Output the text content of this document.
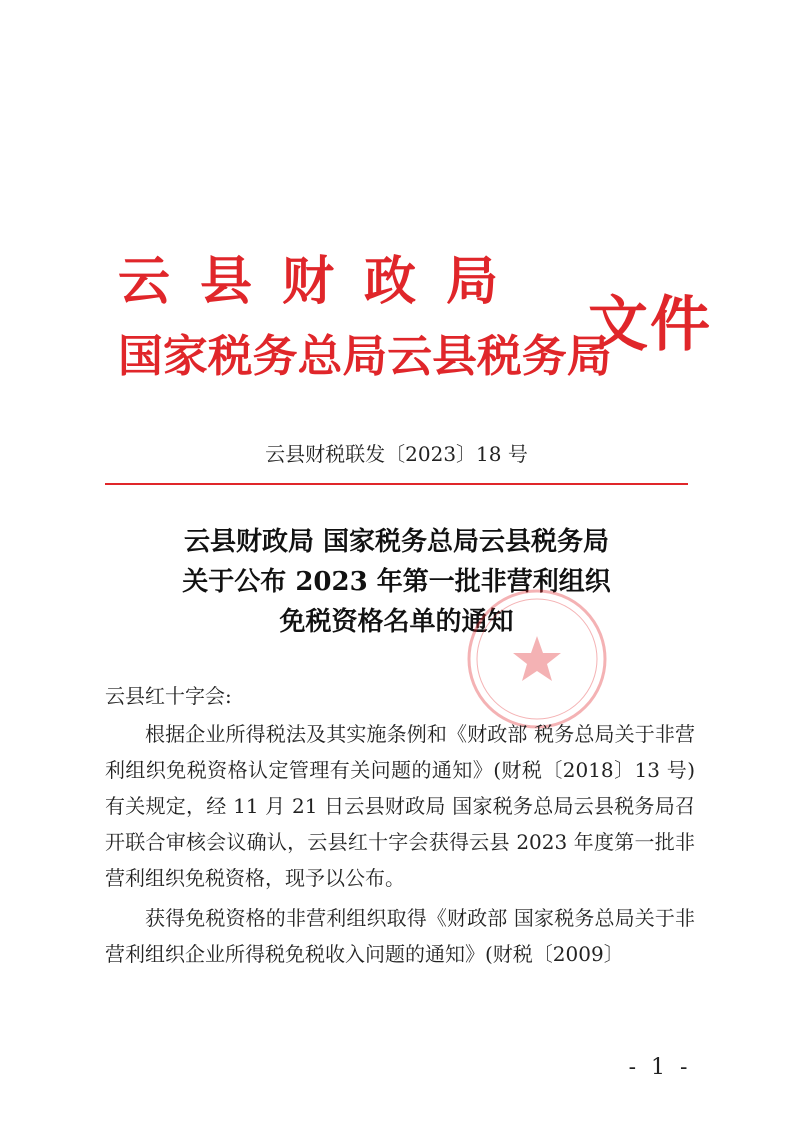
云县财政局
国家税务总局云县税务局
文件
云县财税联发〔2023〕18 号
云县财政局 国家税务总局云县税务局
关于公布 2023 年第一批非营利组织
免税资格名单的通知
云县红十字会:
根据企业所得税法及其实施条例和《财政部 税务总局关于非营利组织免税资格认定管理有关问题的通知》(财税〔2018〕13 号)有关规定，经 11 月 21 日云县财政局 国家税务总局云县税务局召开联合审核会议确认，云县红十字会获得云县 2023 年度第一批非营利组织免税资格，现予以公布。
获得免税资格的非营利组织取得《财政部 国家税务总局关于非营利组织企业所得税免税收入问题的通知》(财税〔2009〕
- 1 -
